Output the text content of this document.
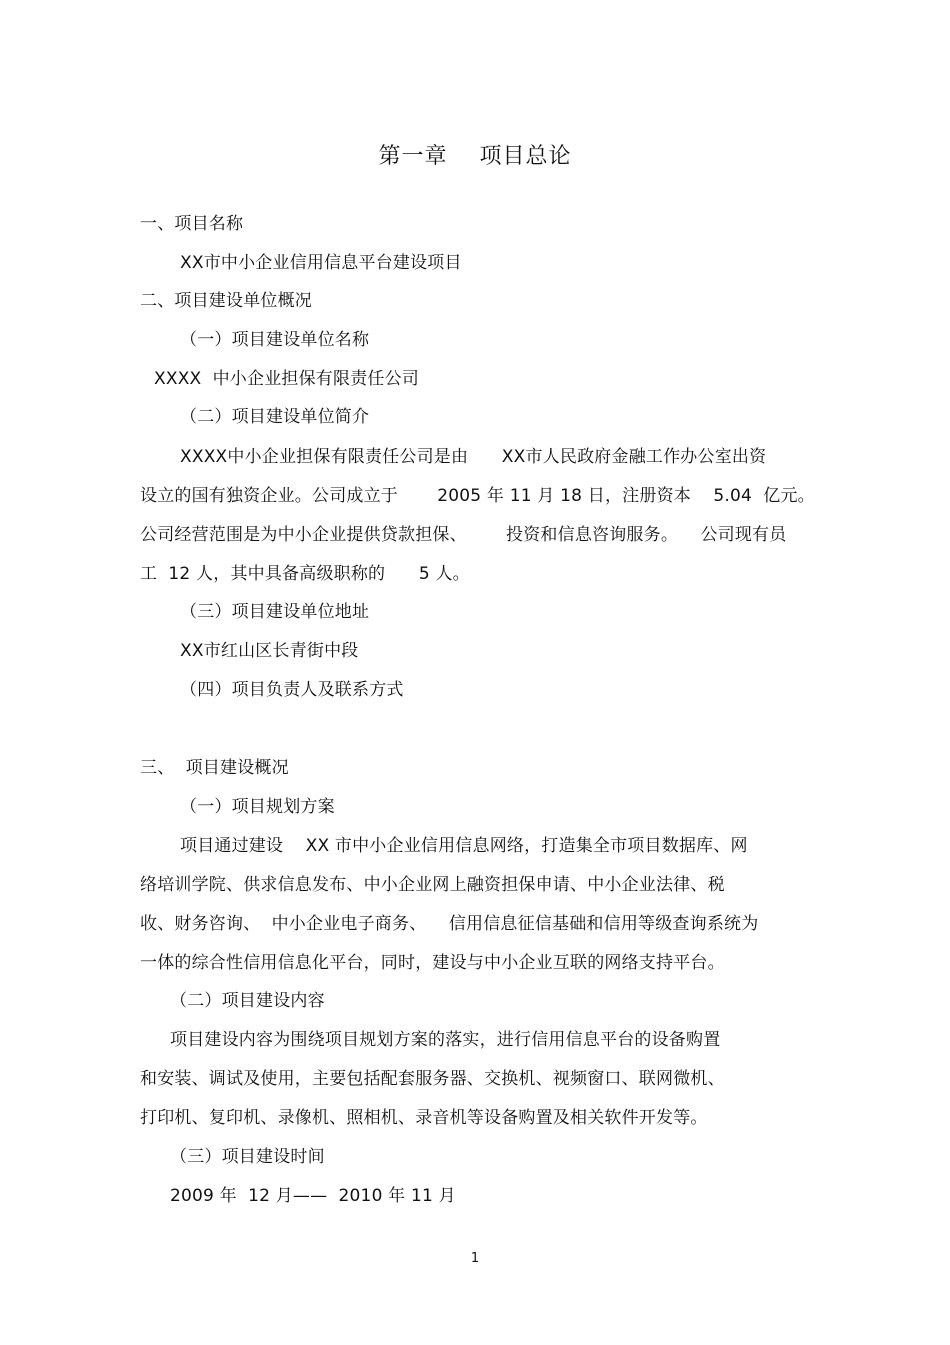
第一章    项目总论
一、项目名称
XX市中小企业信用信息平台建设项目
二、项目建设单位概况
（一）项目建设单位名称
XXXX  中小企业担保有限责任公司
（二）项目建设单位简介
XXXX中小企业担保有限责任公司是由      XX市人民政府金融工作办公室出资
设立的国有独资企业。公司成立于       2005 年 11 月 18 日，注册资本    5.04  亿元。
公司经营范围是为中小企业提供贷款担保、       投资和信息咨询服务。    公司现有员
工  12 人，其中具备高级职称的      5 人。
（三）项目建设单位地址
XX市红山区长青街中段
（四）项目负责人及联系方式
三、  项目建设概况
（一）项目规划方案
项目通过建设    XX 市中小企业信用信息网络，打造集全市项目数据库、网
络培训学院、供求信息发布、中小企业网上融资担保申请、中小企业法律、税
收、财务咨询、  中小企业电子商务、    信用信息征信基础和信用等级查询系统为
一体的综合性信用信息化平台，同时，建设与中小企业互联的网络支持平台。
（二）项目建设内容
项目建设内容为围绕项目规划方案的落实，进行信用信息平台的设备购置
和安装、调试及使用，主要包括配套服务器、交换机、视频窗口、联网微机、
打印机、复印机、录像机、照相机、录音机等设备购置及相关软件开发等。
（三）项目建设时间
2009 年  12 月——  2010 年 11 月
1
